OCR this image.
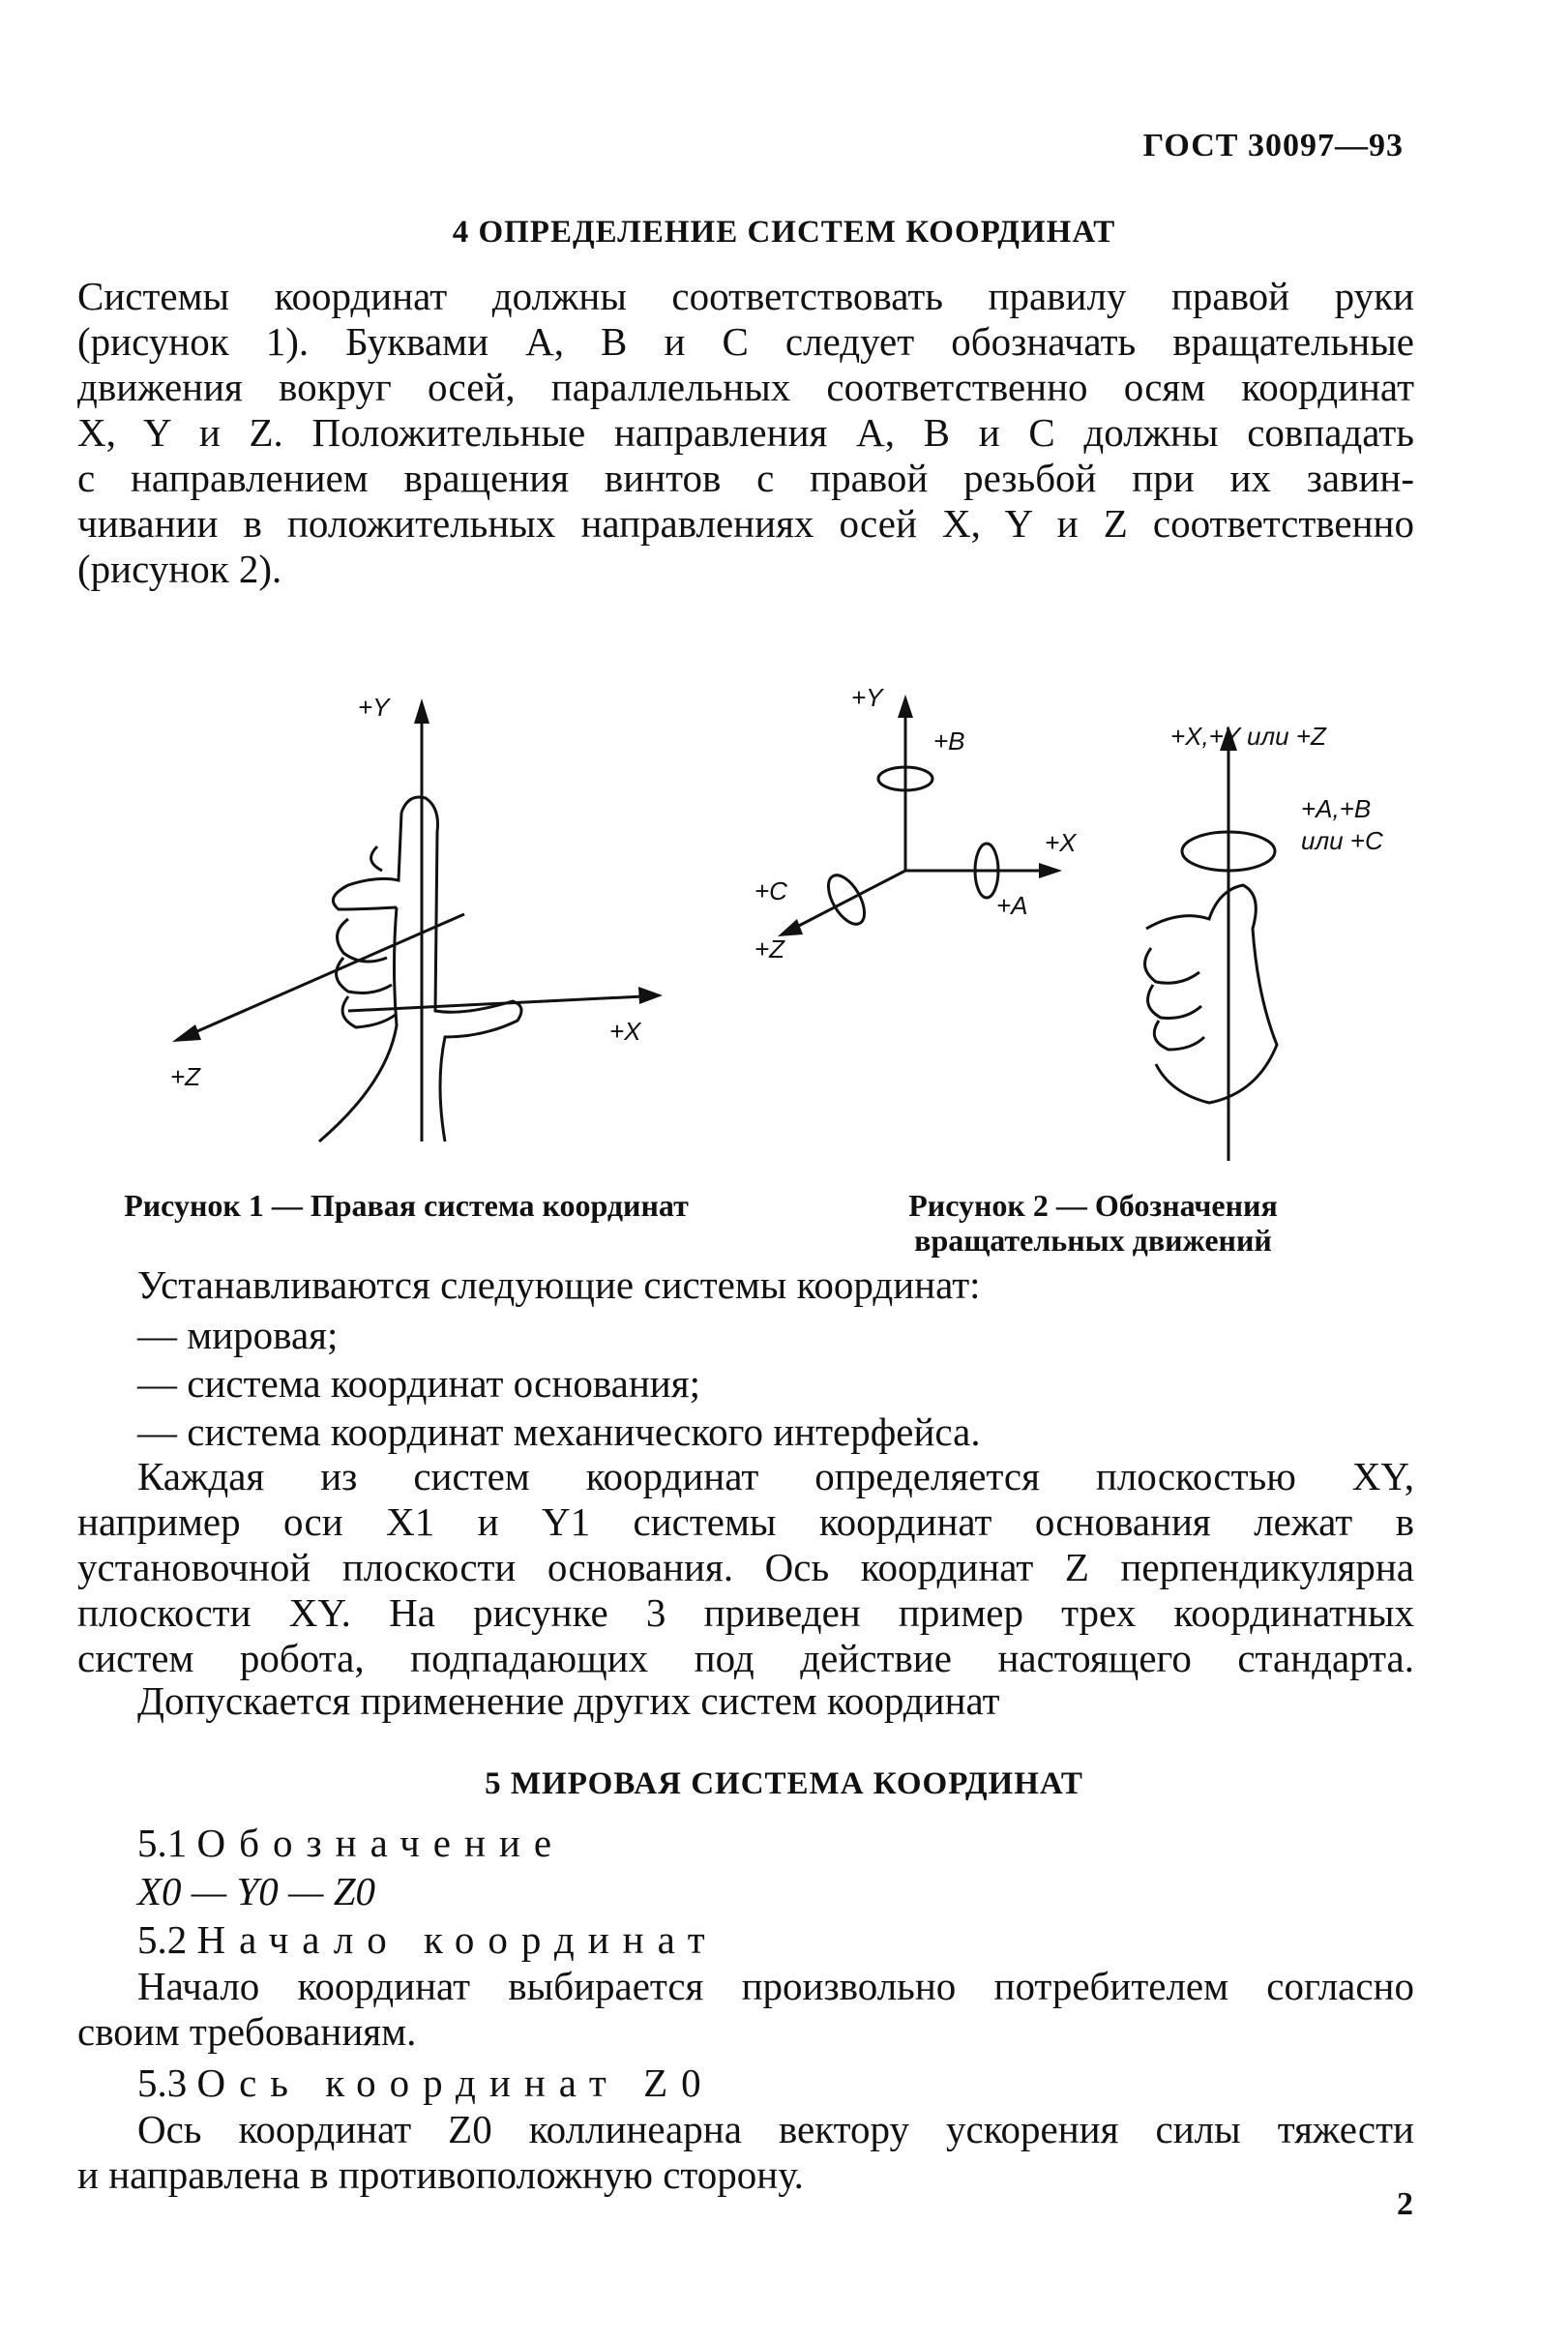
ГОСТ 30097—93
4 ОПРЕДЕЛЕНИЕ СИСТЕМ КООРДИНАТ
Системы координат должны соответствовать правилу правой руки
(рисунок 1). Буквами A, B и C следует обозначать вращательные
движения вокруг осей, параллельных соответственно осям координат
X, Y и Z. Положительные направления A, B и C должны совпадать
с направлением вращения винтов с правой резьбой при их завин-
чивании в положительных направлениях осей X, Y и Z соответственно
(рисунок 2).
+Y
+Z
+X
+Y
+B
+X
+A
+C
+Z
+X,+Y или +Z
+A,+B
или +C
Рисунок 1 — Правая система координат	Рисунок 2 — Обозначения
вращательных движений
Устанавливаются следующие системы координат:
— мировая;
— система координат основания;
— система координат механического интерфейса.
Каждая из систем координат определяется плоскостью XY,
например оси X1 и Y1 системы координат основания лежат в
установочной плоскости основания. Ось координат Z перпендикулярна
плоскости XY. На рисунке 3 приведен пример трех координатных
систем робота, подпадающих под действие настоящего стандарта.
Допускается применение других систем координат
5 МИРОВАЯ СИСТЕМА КООРДИНАТ
5.1 Обозначение
X0 — Y0 — Z0
5.2 Начало координат
Начало координат выбирается произвольно потребителем согласно
своим требованиям.
5.3 Ось координат Z0
Ось координат Z0 коллинеарна вектору ускорения силы тяжести
и направлена в противоположную сторону.
2
